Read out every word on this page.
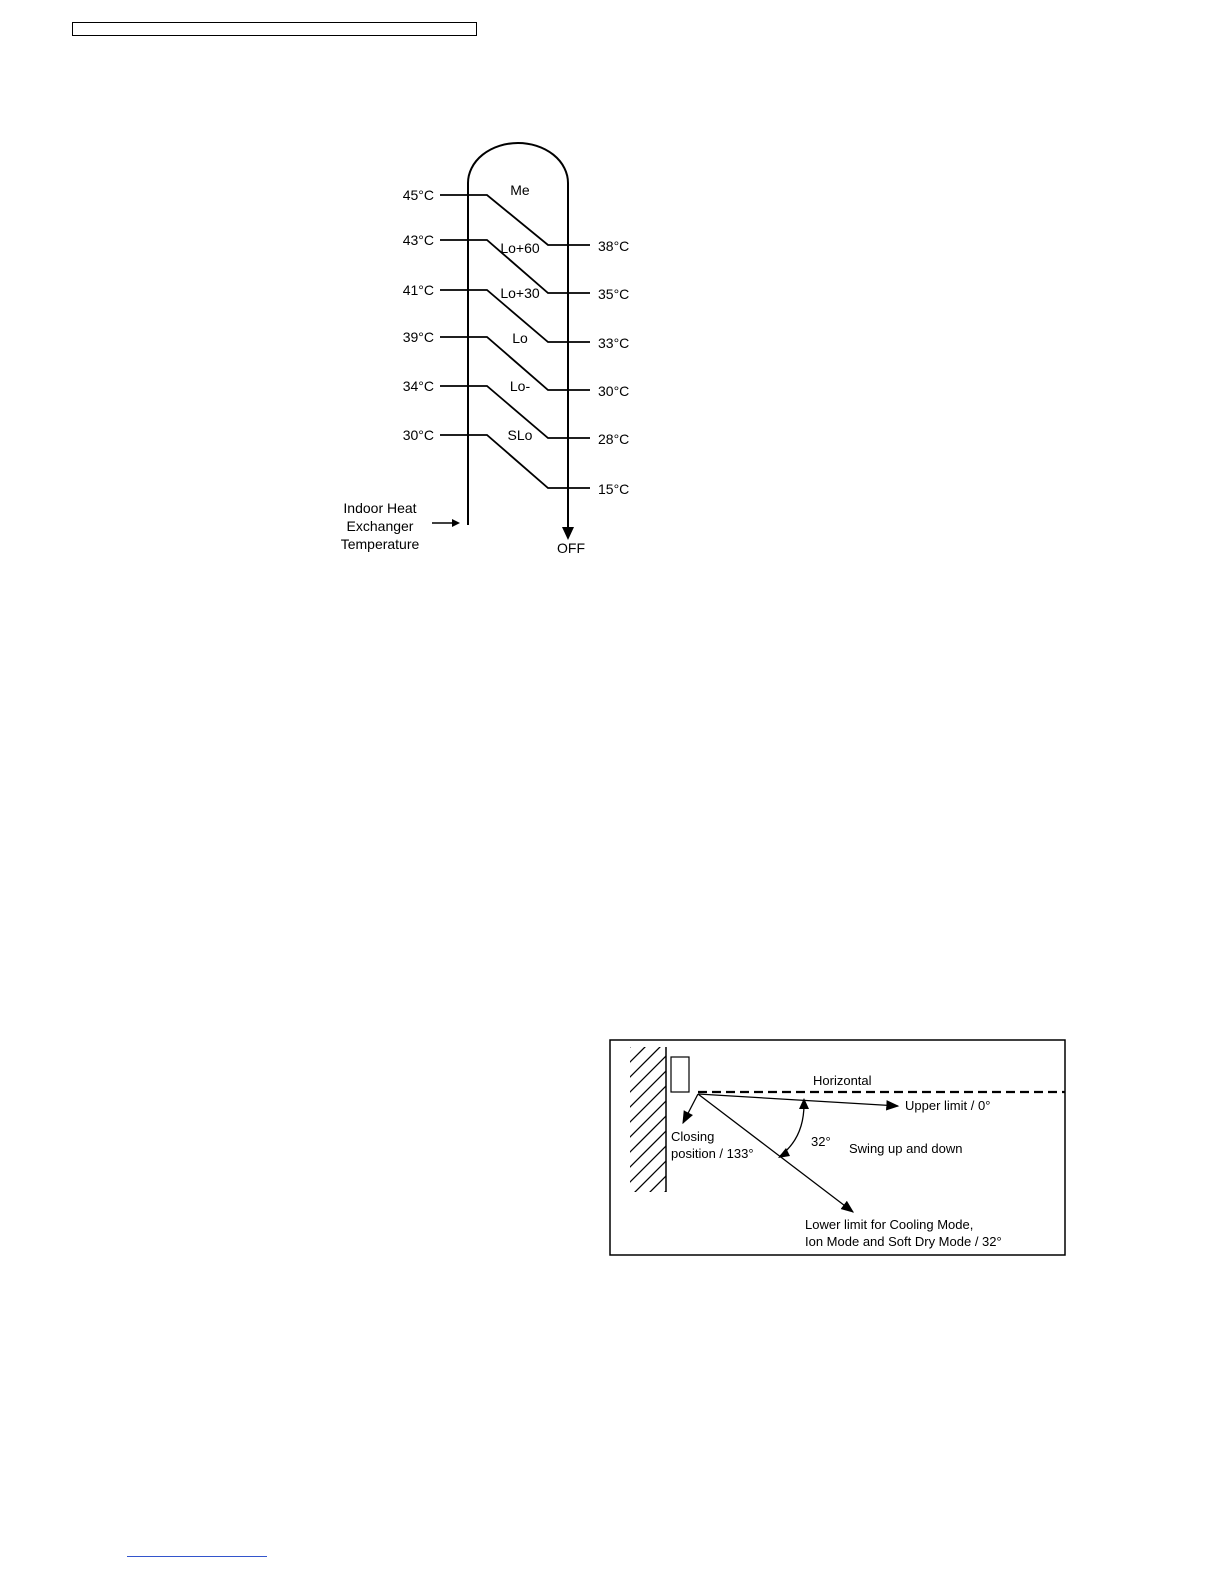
45°C
38°C
Me
43°C
35°C
Lo+60
41°C
33°C
Lo+30
39°C
30°C
Lo
34°C
28°C
Lo-
30°C
15°C
SLo
Indoor Heat
Exchanger
Temperature	OFF
Horizontal
Upper limit / 0°
Closing
position / 133°
Lower limit for Cooling Mode,
Ion Mode and Soft Dry Mode / 32°
32° Swing up and down
